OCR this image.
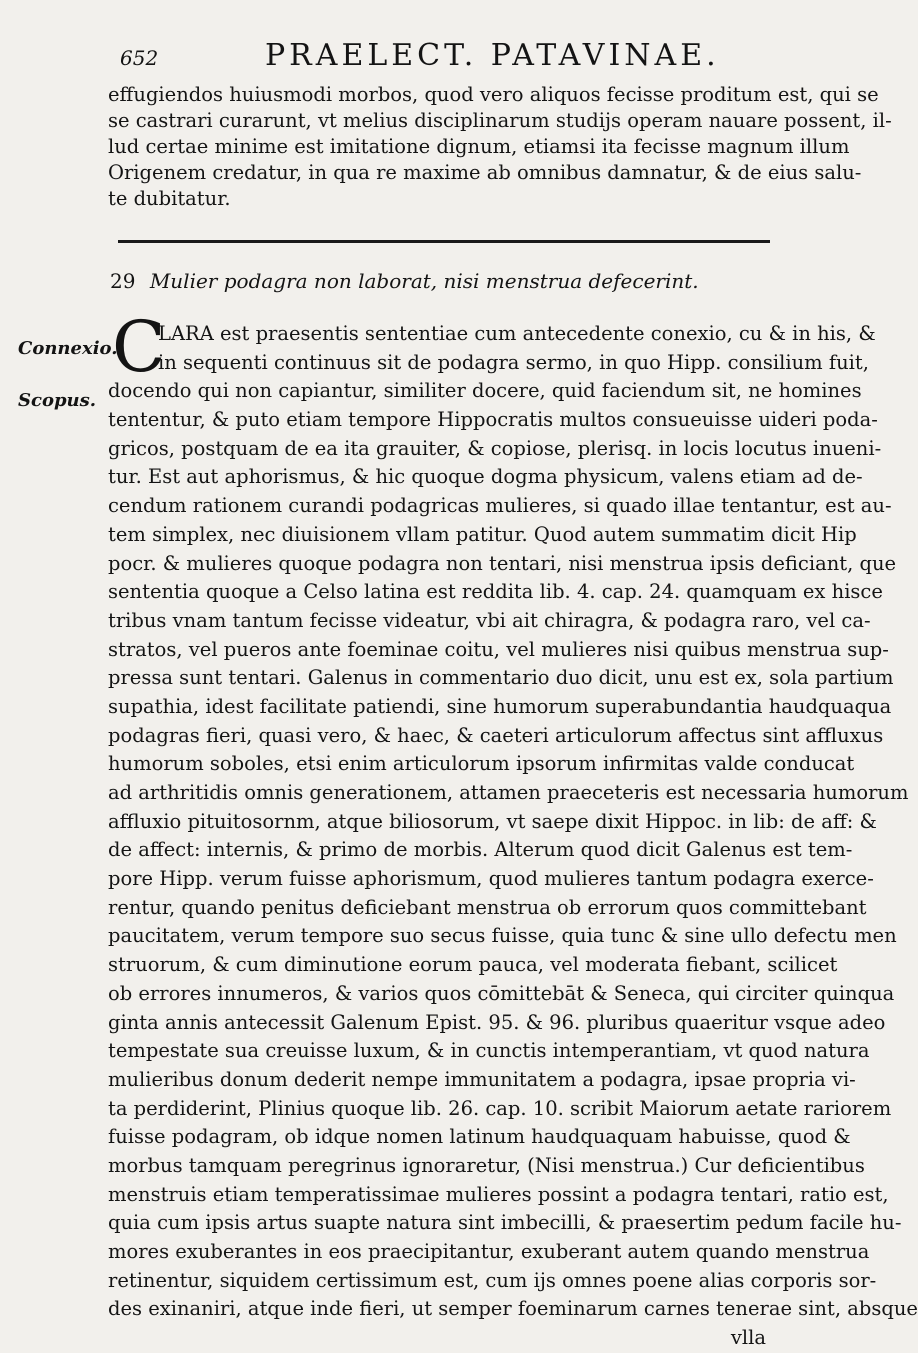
652	PRAELECT. PATAVINAE.
effugiendos huiusmodi morbos, quod vero aliquos fecisse proditum est, qui se
se castrari curarunt, vt melius disciplinarum studijs operam nauare possent, il-
lud certae minime est imitatione dignum, etiamsi ita fecisse magnum illum
Origenem credatur, in qua re maxime ab omnibus damnatur, & de eius salu-
te dubitatur.
29 Mulier podagra non laborat, nisi menstrua defecerint.
Connexio.
Scopus.
C
LARA est praesentis sententiae cum antecedente conexio, cu & in his, &
in sequenti continuus sit de podagra sermo, in quo Hipp. consilium fuit,
docendo qui non capiantur, similiter docere, quid faciendum sit, ne homines
tententur, & puto etiam tempore Hippocratis multos consueuisse uideri poda-
gricos, postquam de ea ita grauiter, & copiose, plerisq. in locis locutus inueni-
tur. Est aut aphorismus, & hic quoque dogma physicum, valens etiam ad de-
cendum rationem curandi podagricas mulieres, si quado illae tentantur, est au-
tem simplex, nec diuisionem vllam patitur. Quod autem summatim dicit Hip
pocr. & mulieres quoque podagra non tentari, nisi menstrua ipsis deficiant, que
sententia quoque a Celso latina est reddita lib. 4. cap. 24. quamquam ex hisce
tribus vnam tantum fecisse videatur, vbi ait chiragra, & podagra raro, vel ca-
stratos, vel pueros ante foeminae coitu, vel mulieres nisi quibus menstrua sup-
pressa sunt tentari. Galenus in commentario duo dicit, unu est ex, sola partium
supathia, idest facilitate patiendi, sine humorum superabundantia haudquaqua
podagras fieri, quasi vero, & haec, & caeteri articulorum affectus sint affluxus
humorum soboles, etsi enim articulorum ipsorum infirmitas valde conducat
ad arthritidis omnis generationem, attamen praeceteris est necessaria humorum
affluxio pituitosornm, atque biliosorum, vt saepe dixit Hippoc. in lib: de aff: &
de affect: internis, & primo de morbis. Alterum quod dicit Galenus est tem-
pore Hipp. verum fuisse aphorismum, quod mulieres tantum podagra exerce-
rentur, quando penitus deficiebant menstrua ob errorum quos committebant
paucitatem, verum tempore suo secus fuisse, quia tunc & sine ullo defectu men
struorum, & cum diminutione eorum pauca, vel moderata fiebant, scilicet
ob errores innumeros, & varios quos cōmittebāt & Seneca, qui circiter quinqua
ginta annis antecessit Galenum Epist. 95. & 96. pluribus quaeritur vsque adeo
tempestate sua creuisse luxum, & in cunctis intemperantiam, vt quod natura
mulieribus donum dederit nempe immunitatem a podagra, ipsae propria vi-
ta perdiderint, Plinius quoque lib. 26. cap. 10. scribit Maiorum aetate rariorem
fuisse podagram, ob idque nomen latinum haudquaquam habuisse, quod &
morbus tamquam peregrinus ignoraretur, (Nisi menstrua.) Cur deficientibus
menstruis etiam temperatissimae mulieres possint a podagra tentari, ratio est,
quia cum ipsis artus suapte natura sint imbecilli, & praesertim pedum facile hu-
mores exuberantes in eos praecipitantur, exuberant autem quando menstrua
retinentur, siquidem certissimum est, cum ijs omnes poene alias corporis sor-
des exinaniri, atque inde fieri, ut semper foeminarum carnes tenerae sint, absque
vlla
